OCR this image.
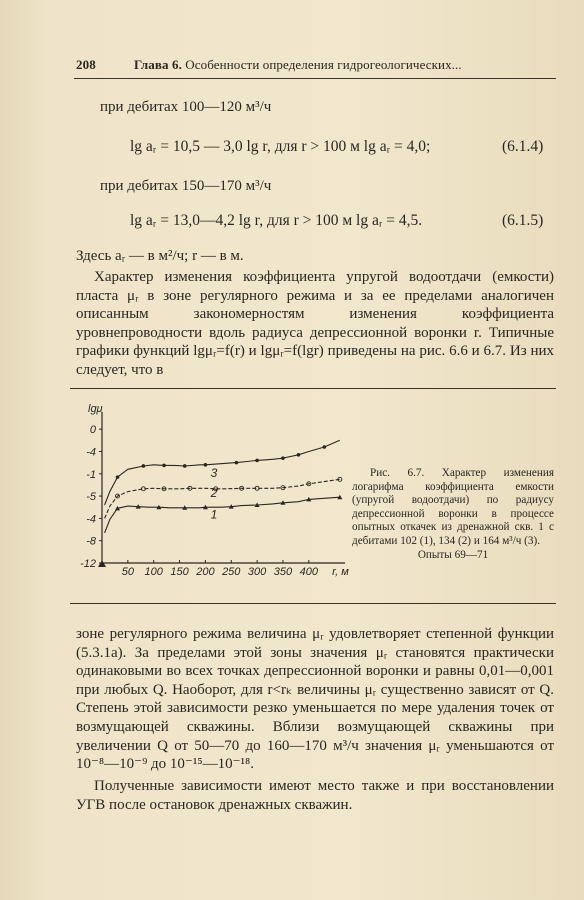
208	Глава 6. Особенности определения гидрогеологических...
при дебитах 100—120 м³/ч
lg aᵣ = 10,5 — 3,0 lg r, для r > 100 м lg aᵣ = 4,0;	(6.1.4)
при дебитах 150—170 м³/ч
lg aᵣ = 13,0—4,2 lg r, для r > 100 м lg aᵣ = 4,5.	(6.1.5)
Здесь aᵣ — в м²/ч; r — в м.

Характер изменения коэффициента упругой водоотдачи (емкости) пласта μᵣ в зоне регулярного режима и за ее пределами аналогичен описанным закономерностям изменения коэффициента уровнепроводности вдоль радиуса депрессионной воронки r. Типичные графики функций lgμᵣ=f(r) и lgμᵣ=f(lgr) приведены на рис. 6.6 и 6.7. Из них следует, что в

0
-4
-1
-5
-4
-8
-12
lgμ
50 100 150 200 250 300 350 400 r, м
3
2
1
Рис. 6.7. Характер изменения логарифма коэффициента емкости (упругой водоотдачи) по радиусу депрессионной воронки в процессе опытных откачек из дренажной скв. 1 с дебитами 102 (1), 134 (2) и 164 м³/ч (3).
Опыты 69—71

зоне регулярного режима величина μᵣ удовлетворяет степенной функции (5.3.1а). За пределами этой зоны значения μᵣ становятся практически одинаковыми во всех точках депрессионной воронки и равны 0,01—0,001 при любых Q. Наоборот, для r<rₖ величины μᵣ существенно зависят от Q. Степень этой зависимости резко уменьшается по мере удаления точек от возмущающей скважины. Вблизи возмущающей скважины при увеличении Q от 50—70 до 160—170 м³/ч значения μᵣ уменьшаются от 10⁻⁸—10⁻⁹ до 10⁻¹⁵—10⁻¹⁸.

Полученные зависимости имеют место также и при восстановлении УГВ после остановок дренажных скважин.
